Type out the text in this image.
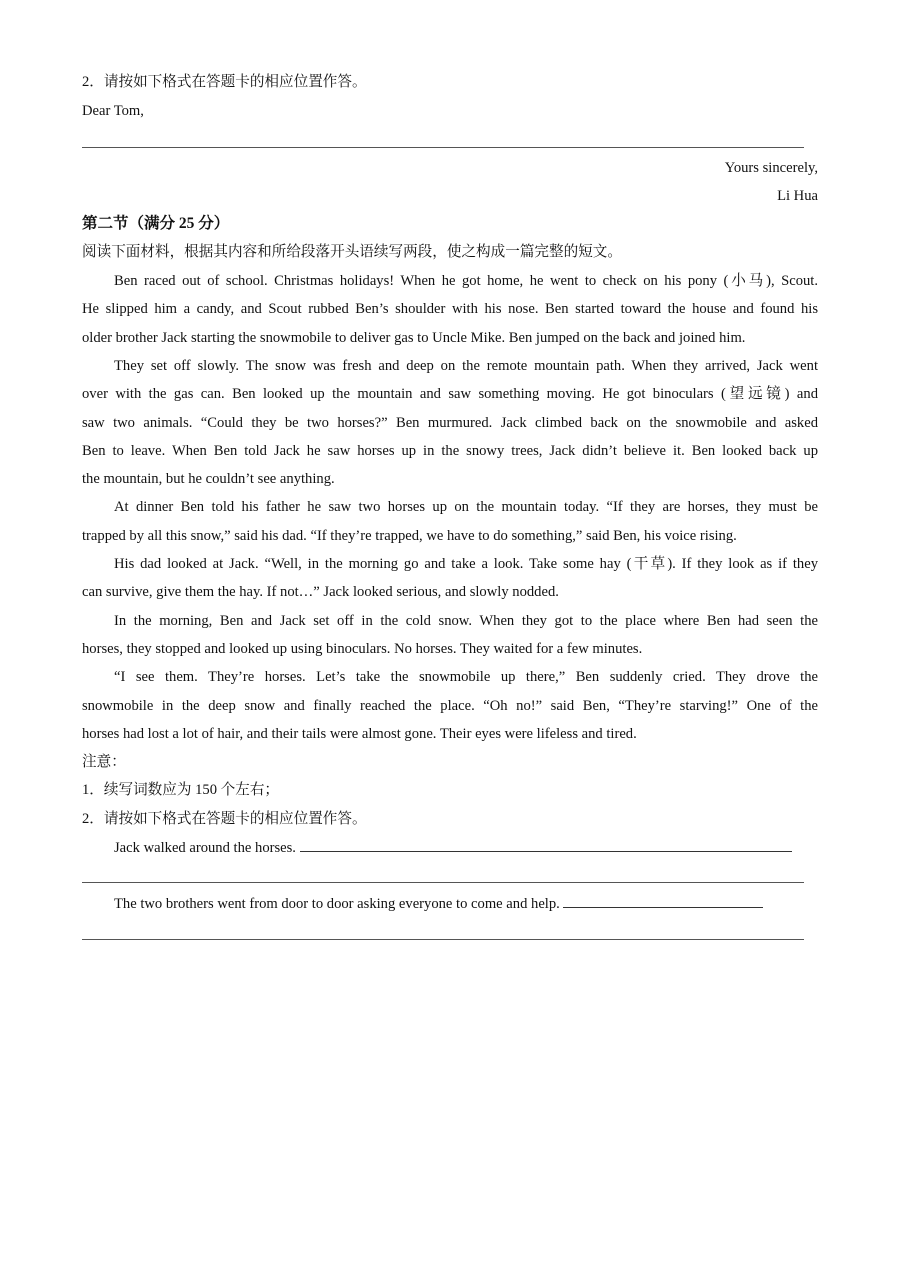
2．请按如下格式在答题卡的相应位置作答。
Dear Tom,
Yours sincerely,
Li Hua
第二节（满分 25 分）
阅读下面材料，根据其内容和所给段落开头语续写两段，使之构成一篇完整的短文。
Ben raced out of school. Christmas holidays! When he got home, he went to check on his pony (小马), Scout.
He slipped him a candy, and Scout rubbed Ben’s shoulder with his nose. Ben started toward the house and found his
older brother Jack starting the snowmobile to deliver gas to Uncle Mike. Ben jumped on the back and joined him.
They set off slowly. The snow was fresh and deep on the remote mountain path. When they arrived, Jack went
over with the gas can. Ben looked up the mountain and saw something moving. He got binoculars (望远镜) and
saw two animals. “Could they be two horses?” Ben murmured. Jack climbed back on the snowmobile and asked
Ben to leave. When Ben told Jack he saw horses up in the snowy trees, Jack didn’t believe it. Ben looked back up
the mountain, but he couldn’t see anything.
At dinner Ben told his father he saw two horses up on the mountain today. “If they are horses, they must be
trapped by all this snow,” said his dad. “If they’re trapped, we have to do something,” said Ben, his voice rising.
His dad looked at Jack. “Well, in the morning go and take a look. Take some hay (干草). If they look as if they
can survive, give them the hay. If not…” Jack looked serious, and slowly nodded.
In the morning, Ben and Jack set off in the cold snow. When they got to the place where Ben had seen the
horses, they stopped and looked up using binoculars. No horses. They waited for a few minutes.
“I see them. They’re horses. Let’s take the snowmobile up there,” Ben suddenly cried. They drove the
snowmobile in the deep snow and finally reached the place. “Oh no!” said Ben, “They’re starving!” One of the
horses had lost a lot of hair, and their tails were almost gone. Their eyes were lifeless and tired.
注意：
1．续写词数应为 150 个左右；
2．请按如下格式在答题卡的相应位置作答。
Jack walked around the horses.
The two brothers went from door to door asking everyone to come and help.
